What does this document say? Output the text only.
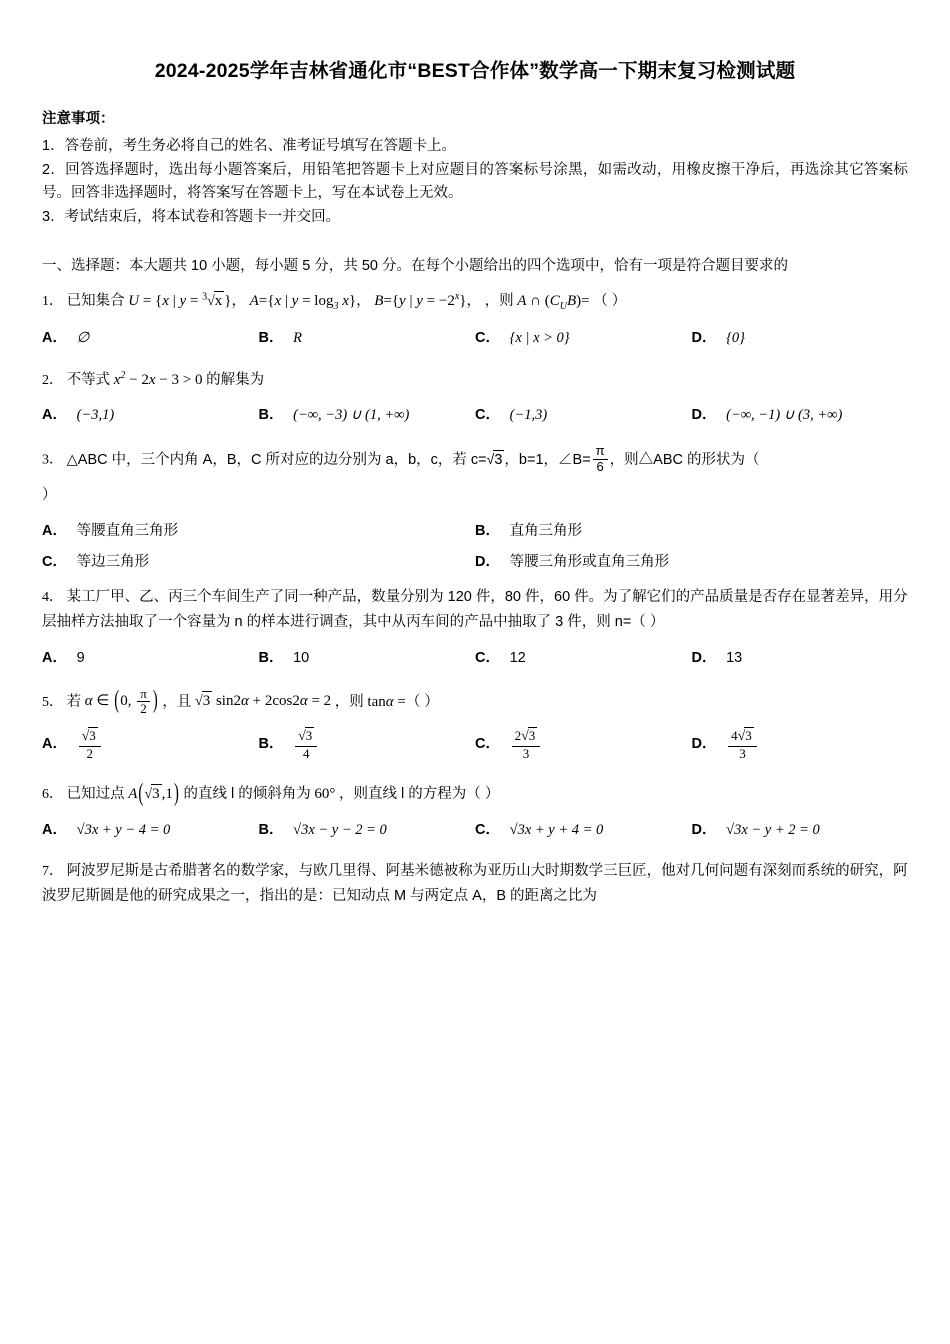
2024-2025学年吉林省通化市“BEST合作体”数学高一下期末复习检测试题
注意事项：

1．答卷前，考生务必将自己的姓名、准考证号填写在答题卡上。

2．回答选择题时，选出每小题答案后，用铅笔把答题卡上对应题目的答案标号涂黑，如需改动，用橡皮擦干净后，再选涂其它答案标号。回答非选择题时，将答案写在答题卡上，写在本试卷上无效。

3．考试结束后，将本试卷和答题卡一并交回。

一、选择题：本大题共 10 小题，每小题 5 分，共 50 分。在每个小题给出的四个选项中，恰有一项是符合题目要求的
1． 已知集合 U = {x | y = $^3$√x }， A={x | $y = \log_3 x$}， B={y | $y = -2^x$}， ，则 A ∩ $(C_UB)=$ （ ）
A． ∅	B． R	C． {x | x > 0}	D． {0}
2． 不等式 $x^2 - 2x - 3 > 0$ 的解集为
A． (−3,1)	B． (−∞, −3) ∪ (1, +∞)	C． (−1,3)	D． (−∞, −1) ∪ (3, +∞)
3． △ABC 中，三个内角 A，B，C 所对应的边分别为 a，b，c，若 c=√3 ，b=1，∠B= $\frac{\pi}{6}$ ，则△ABC 的形状为（
）
A． 等腰直角三角形	B． 直角三角形
C． 等边三角形	D． 等腰三角形或直角三角形
4． 某工厂甲、乙、丙三个车间生产了同一种产品，数量分别为 120 件，80 件，60 件。为了解它们的产品质量是否存在显著差异，用分层抽样方法抽取了一个容量为 n 的样本进行调查，其中从丙车间的产品中抽取了 3 件，则 n=（ ）
A． 9	B． 10	C． 12	D． 13
5． 若 α ∈ (0, $\frac{\pi}{2}$ ) ，且 √3 sin2α + 2cos2α = 2 ，则 tanα =（ ）
A． $\frac{√3}{2}$	B． $\frac{√3}{4}$	C． $\frac{2√3}{3}$	D． $\frac{4√3}{3}$
6． 已知过点 A(√3 ,1) 的直线 l 的倾斜角为 60° ，则直线 l 的方程为（ ）
A． √3x + y − 4 = 0	B． √3x − y − 2 = 0	C． √3x + y + 4 = 0	D． √3x − y + 2 = 0
7． 阿波罗尼斯是古希腊著名的数学家，与欧几里得、阿基米德被称为亚历山大时期数学三巨匠，他对几何问题有深刻而系统的研究，阿波罗尼斯圆是他的研究成果之一，指出的是：已知动点 M 与两定点 A，B 的距离之比为
